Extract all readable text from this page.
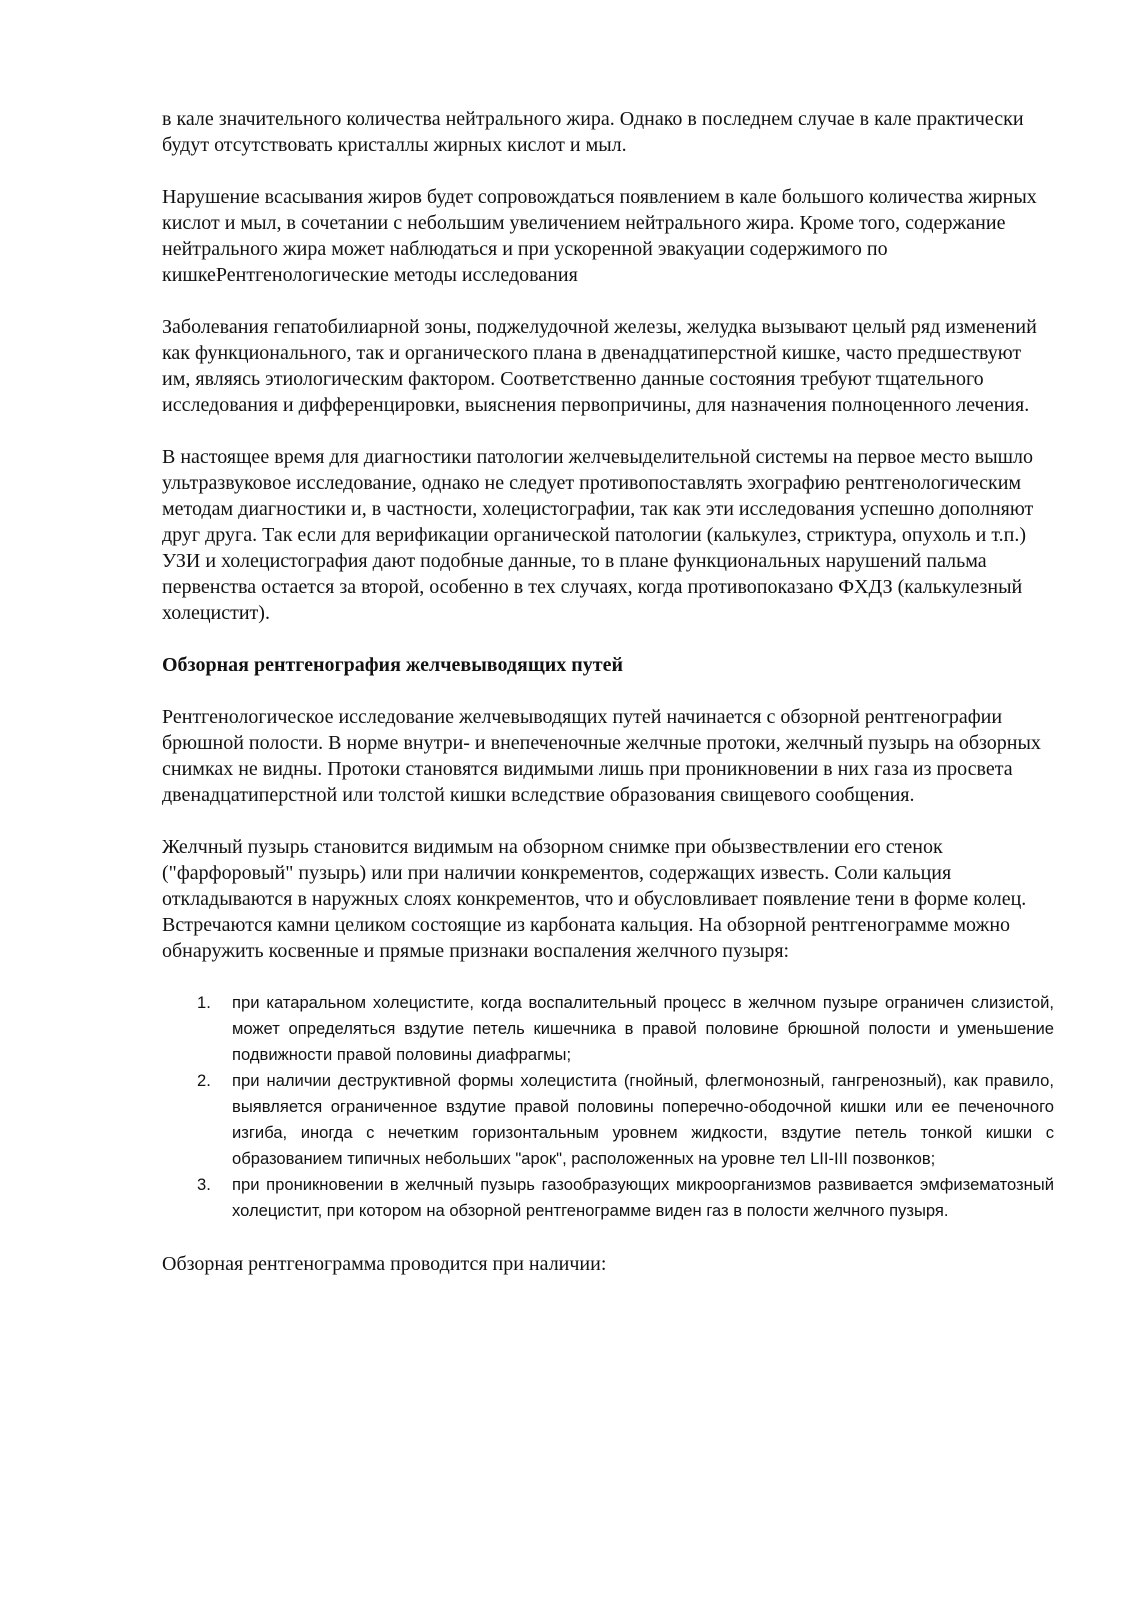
в кале значительного количества нейтрального жира. Однако в последнем случае в кале практически будут отсутствовать кристаллы жирных кислот и мыл.

Нарушение всасывания жиров будет сопровождаться появлением в кале большого количества жирных кислот и мыл, в сочетании с небольшим увеличением нейтрального жира. Кроме того, содержание нейтрального жира может наблюдаться и при ускоренной эвакуации содержимого по кишкеРентгенологические методы исследования

Заболевания гепатобилиарной зоны, поджелудочной железы, желудка вызывают целый ряд изменений как функционального, так и органического плана в двенадцатиперстной кишке, часто предшествуют им, являясь этиологическим фактором. Соответственно данные состояния требуют тщательного исследования и дифференцировки, выяснения первопричины, для назначения полноценного лечения.

В настоящее время для диагностики патологии желчевыделительной системы на первое место вышло ультразвуковое исследование, однако не следует противопоставлять эхографию рентгенологическим методам диагностики и, в частности, холецистографии, так как эти исследования успешно дополняют друг друга. Так если для верификации органической патологии (калькулез, стриктура, опухоль и т.п.) УЗИ и холецистография дают подобные данные, то в плане функциональных нарушений пальма первенства остается за второй, особенно в тех случаях, когда противопоказано ФХДЗ (калькулезный холецистит).

Обзорная рентгенография желчевыводящих путей

Рентгенологическое исследование желчевыводящих путей начинается с обзорной рентгенографии брюшной полости. В норме внутри- и внепеченочные желчные протоки, желчный пузырь на обзорных снимках не видны. Протоки становятся видимыми лишь при проникновении в них газа из просвета двенадцатиперстной или толстой кишки вследствие образования свищевого сообщения.

Желчный пузырь становится видимым на обзорном снимке при обызвествлении его стенок ("фарфоровый" пузырь) или при наличии конкрементов, содержащих известь. Соли кальция откладываются в наружных слоях конкрементов, что и обусловливает появление тени в форме колец. Встречаются камни целиком состоящие из карбоната кальция. На обзорной рентгенограмме можно обнаружить косвенные и прямые признаки воспаления желчного пузыря:

1.	при катаральном холецистите, когда воспалительный процесс в желчном пузыре ограничен слизистой, может определяться вздутие петель кишечника в правой половине брюшной полости и уменьшение подвижности правой половины диафрагмы;
2.	при наличии деструктивной формы холецистита (гнойный, флегмонозный, гангренозный), как правило, выявляется ограниченное вздутие правой половины поперечно-ободочной кишки или ее печеночного изгиба, иногда с нечетким горизонтальным уровнем жидкости, вздутие петель тонкой кишки с образованием типичных небольших "арок", расположенных на уровне тел LII-III позвонков;
3.	при проникновении в желчный пузырь газообразующих микроорганизмов развивается эмфизематозный холецистит, при котором на обзорной рентгенограмме виден газ в полости желчного пузыря.

Обзорная рентгенограмма проводится при наличии:
